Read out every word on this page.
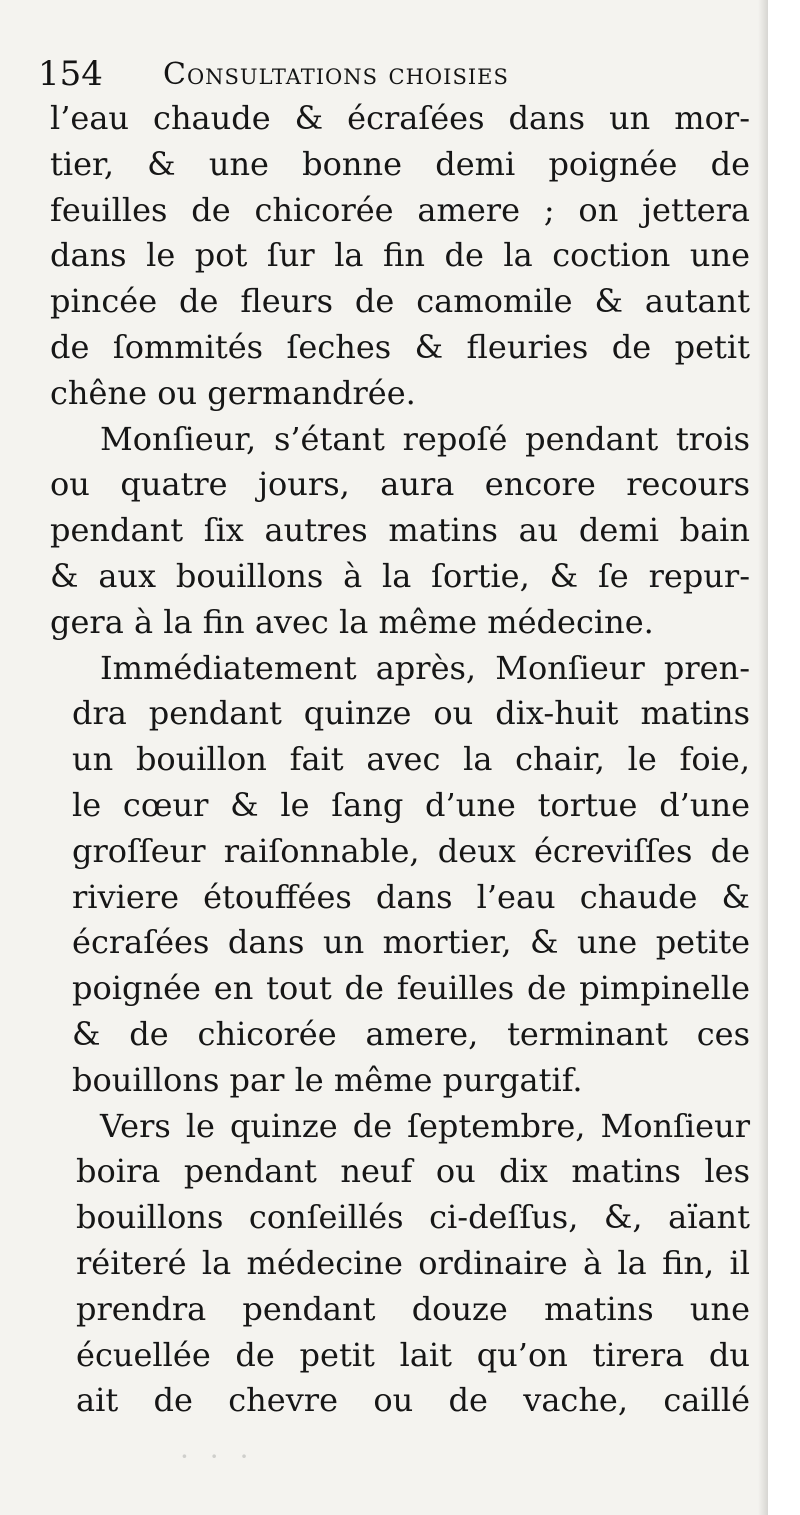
154 Consultations choisies
l’eau chaude & écraſées dans un mor-
tier, & une bonne demi poignée de
feuilles de chicorée amere ; on jettera
dans le pot ſur la fin de la coction une
pincée de fleurs de camomile & autant
de ſommités ſeches & fleuries de petit
chêne ou germandrée.
Monſieur, s’étant repoſé pendant trois
ou quatre jours, aura encore recours
pendant ſix autres matins au demi bain
& aux bouillons à la ſortie, & ſe repur-
gera à la fin avec la même médecine.
Immédiatement après, Monſieur pren-
dra pendant quinze ou dix-huit matins
un bouillon fait avec la chair, le foie,
le cœur & le ſang d’une tortue d’une
groſſeur raiſonnable, deux écreviſſes de
riviere étouffées dans l’eau chaude &
écraſées dans un mortier, & une petite
poignée en tout de feuilles de pimpinelle
& de chicorée amere, terminant ces
bouillons par le même purgatif.
Vers le quinze de ſeptembre, Monſieur
boira pendant neuf ou dix matins les
bouillons conſeillés ci-deſſus, &, aïant
réiteré la médecine ordinaire à la fin, il
prendra pendant douze matins une
écuellée de petit lait qu’on tirera du
ait de chevre ou de vache, caillé
· · ·
